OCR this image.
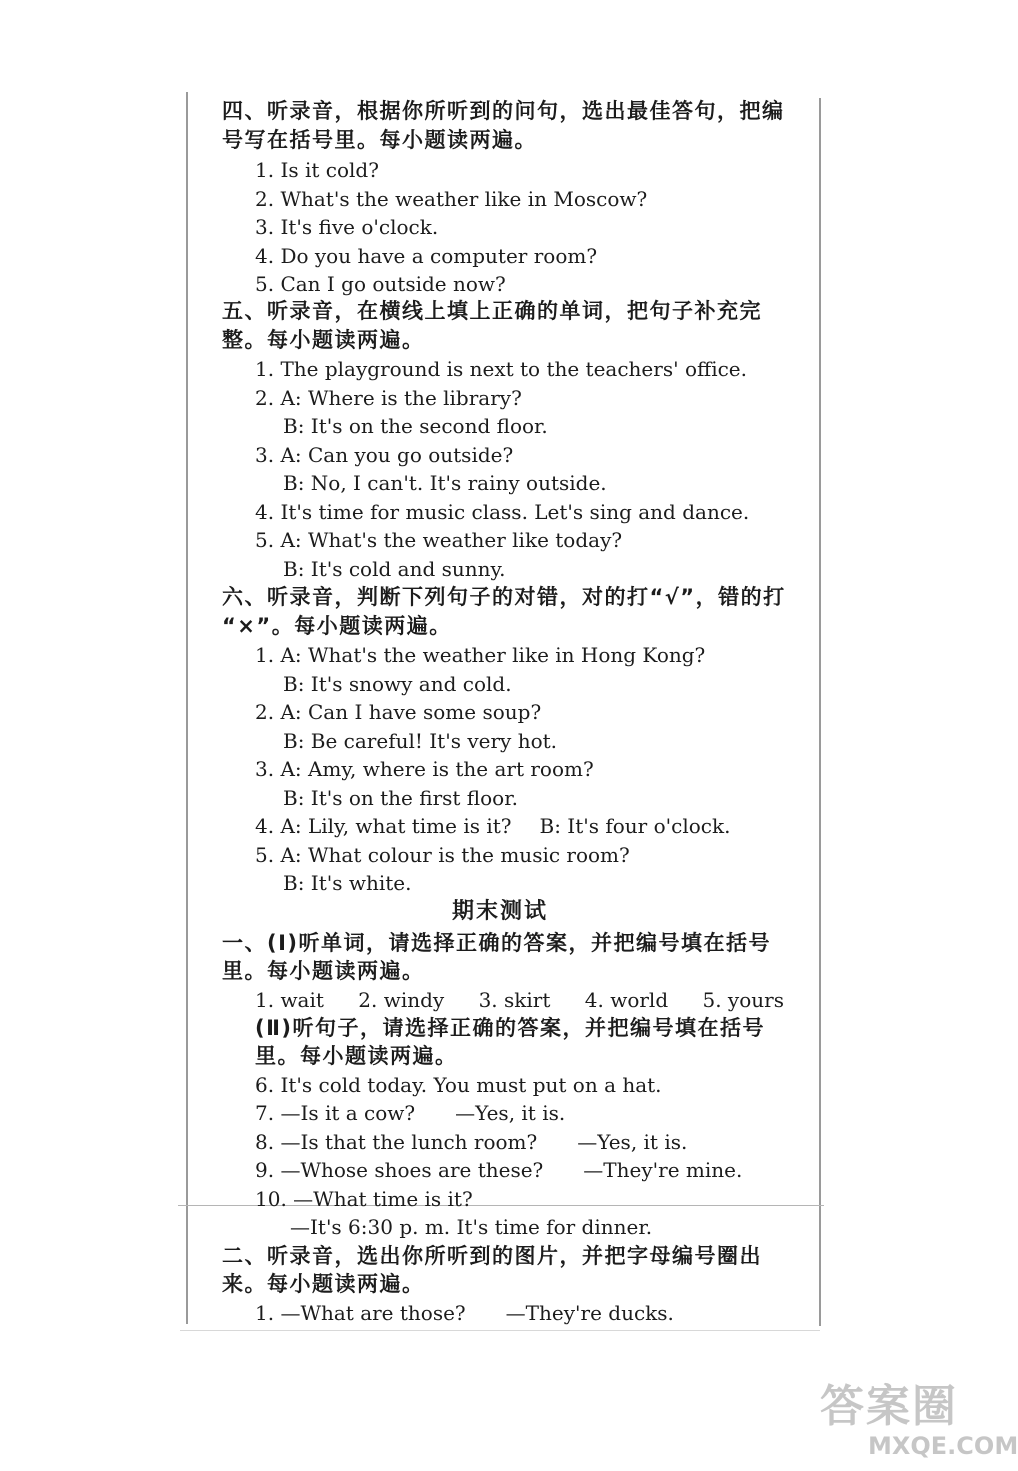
四、听录音，根据你所听到的问句，选出最佳答句，把编
号写在括号里。每小题读两遍。
1. Is it cold?
2. What's the weather like in Moscow?
3. It's five o'clock.
4. Do you have a computer room?
5. Can I go outside now?
五、听录音，在横线上填上正确的单词，把句子补充完
整。每小题读两遍。
1. The playground is next to the teachers' office.
2. A: Where is the library?
B: It's on the second floor.
3. A: Can you go outside?
B: No, I can't. It's rainy outside.
4. It's time for music class. Let's sing and dance.
5. A: What's the weather like today?
B: It's cold and sunny.
六、听录音，判断下列句子的对错，对的打“√”，错的打
“×”。每小题读两遍。
1. A: What's the weather like in Hong Kong?
B: It's snowy and cold.
2. A: Can I have some soup?
B: Be careful! It's very hot.
3. A: Amy, where is the art room?
B: It's on the first floor.
4. A: Lily, what time is it? B: It's four o'clock.
5. A: What colour is the music room?
B: It's white.
期末测试
一、(Ⅰ)听单词，请选择正确的答案，并把编号填在括号
里。每小题读两遍。
1. wait 2. windy 3. skirt 4. world 5. yours
(Ⅱ)听句子，请选择正确的答案，并把编号填在括号
里。每小题读两遍。
6. It's cold today. You must put on a hat.
7. —Is it a cow? —Yes, it is.
8. —Is that the lunch room? —Yes, it is.
9. —Whose shoes are these? —They're mine.
10. —What time is it?
—It's 6:30 p. m. It's time for dinner.
二、听录音，选出你所听到的图片，并把字母编号圈出
来。每小题读两遍。
1. —What are those? —They're ducks.
答案圈
MXQE.COM
